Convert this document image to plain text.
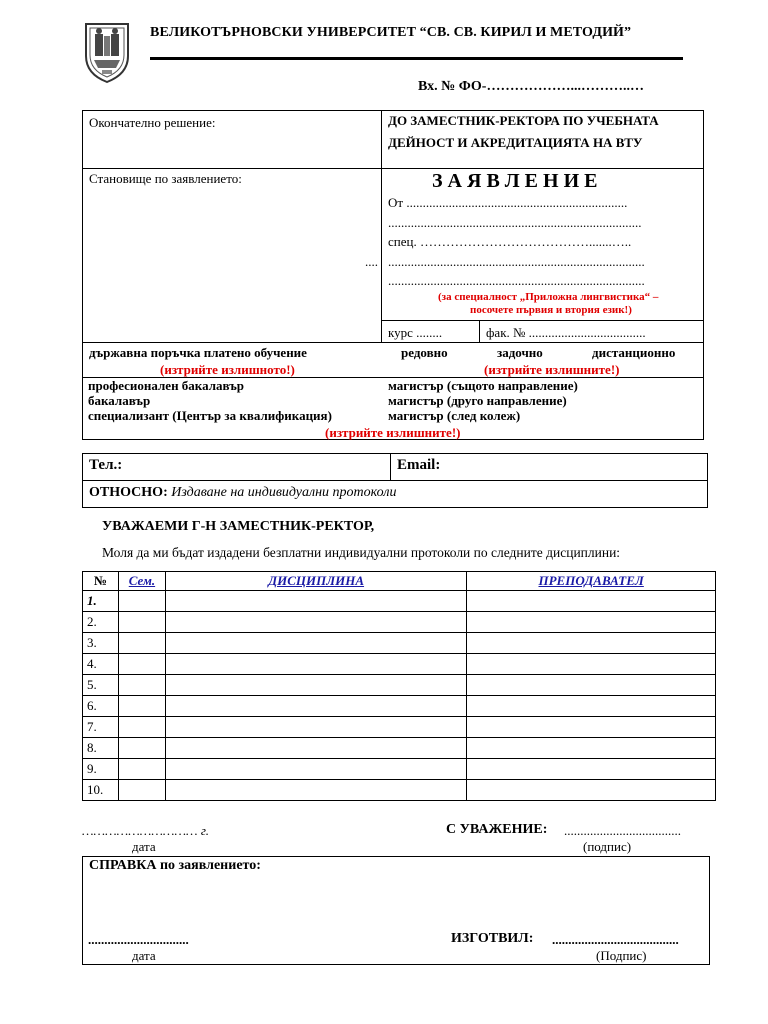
ВЕЛИКОТЪРНОВСКИ УНИВЕРСИТЕТ “СВ. СВ. КИРИЛ И МЕТОДИЙ”
Вх. № ФО-………………...………..…
Окончателно решение:	ДО ЗАМЕСТНИК-РЕКТОРА ПО УЧЕБНАТА
ДЕЙНОСТ И АКРЕДИТАЦИЯТА НА ВТУ
Становище по заявлението:	З А Я В Л Е Н И Е
От ....................................................................
..............................................................................
спец. ………………………………….......…..
.... ...............................................................................
...............................................................................
(за специалност „Приложна лингвистика“ –
посочете първия и втория език!)
курс ........	фак. № ....................................
държавна поръчка платено обучение
(изтрийте излишното!)
редовно	задочно	дистанционно
(изтрийте излишните!)
професионален бакалавър
бакалавър
специализант (Център за квалификация)
магистър (същото направление)
магистър (друго направление)
магистър (след колеж)
(изтрийте излишните!)
Тел.:	Email:
ОТНОСНО: Издаване на индивидуални протоколи
УВАЖАЕМИ Г-Н ЗАМЕСТНИК-РЕКТОР,
Моля да ми бъдат издадени безплатни индивидуални протоколи по следните дисциплини:
№	Сем.	ДИСЦИПЛИНА	ПРЕПОДАВАТЕЛ
1.			
2.			
3.			
4.			
5.			
6.			
7.			
8.			
9.			
10.			
………………………… г.
дата
С УВАЖЕНИЕ: ....................................
(подпис)
СПРАВКА по заявлението:
...............................	ИЗГОТВИЛ: .......................................
дата	(Подпис)
